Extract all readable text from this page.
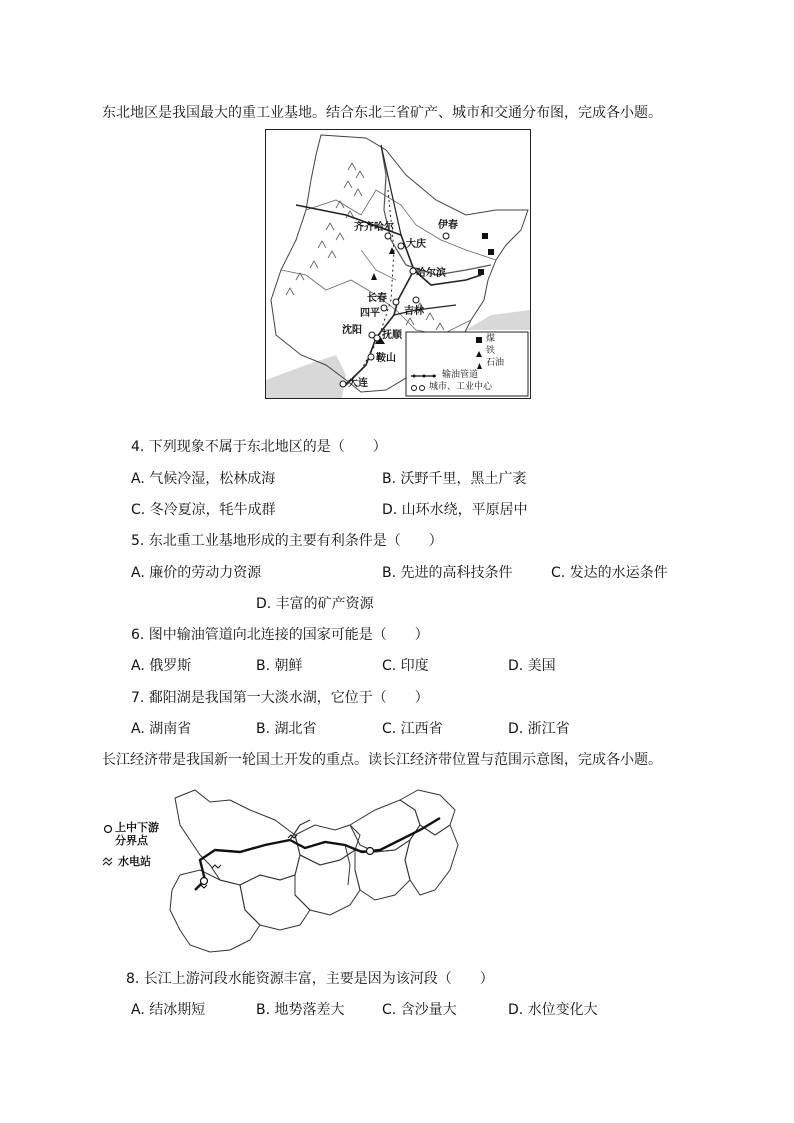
东北地区是我国最大的重工业基地。结合东北三省矿产、城市和交通分布图，完成各小题。
齐齐哈尔
大庆
伊春
哈尔滨
长春
吉林
四平
沈阳 抚顺
鞍山
大连
煤
铁
石油
输油管道
城市、工业中心
4. 下列现象不属于东北地区的是（　　）
A. 气候冷湿，松林成海	B. 沃野千里，黑土广袤
C. 冬冷夏凉，牦牛成群	D. 山环水绕，平原居中
5. 东北重工业基地形成的主要有利条件是（　　）
A. 廉价的劳动力资源	B. 先进的高科技条件	C. 发达的水运条件
D. 丰富的矿产资源
6. 图中输油管道向北连接的国家可能是（　　）
A. 俄罗斯	B. 朝鲜	C. 印度	D. 美国
7. 鄱阳湖是我国第一大淡水湖，它位于（　　）
A. 湖南省	B. 湖北省	C. 江西省	D. 浙江省
长江经济带是我国新一轮国土开发的重点。读长江经济带位置与范围示意图，完成各小题。
上中下游
分界点
水电站
8. 长江上游河段水能资源丰富，主要是因为该河段（　　）
A. 结冰期短	B. 地势落差大	C. 含沙量大	D. 水位变化大
